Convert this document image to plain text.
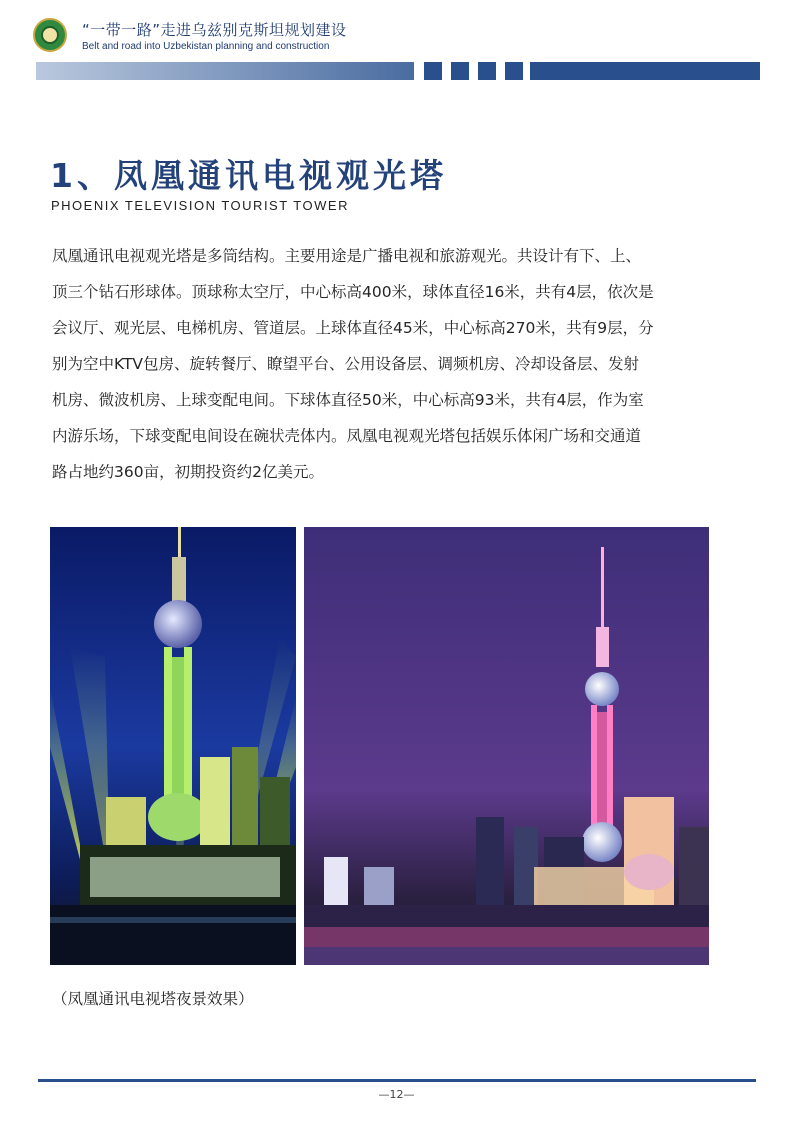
“一带一路”走进乌兹别克斯坦规划建设
Belt and road into Uzbekistan planning and construction
1、凤凰通讯电视观光塔
PHOENIX TELEVISION TOURIST TOWER
凤凰通讯电视观光塔是多筒结构。主要用途是广播电视和旅游观光。共设计有下、上、
顶三个钻石形球体。顶球称太空厅，中心标高400米，球体直径16米，共有4层，依次是
会议厅、观光层、电梯机房、管道层。上球体直径45米，中心标高270米，共有9层，分
别为空中KTV包房、旋转餐厅、瞭望平台、公用设备层、调频机房、冷却设备层、发射
机房、微波机房、上球变配电间。下球体直径50米，中心标高93米，共有4层，作为室
内游乐场，下球变配电间设在碗状壳体内。凤凰电视观光塔包括娱乐体闲广场和交通道
路占地约360亩，初期投资约2亿美元。
（凤凰通讯电视塔夜景效果）
—12—
